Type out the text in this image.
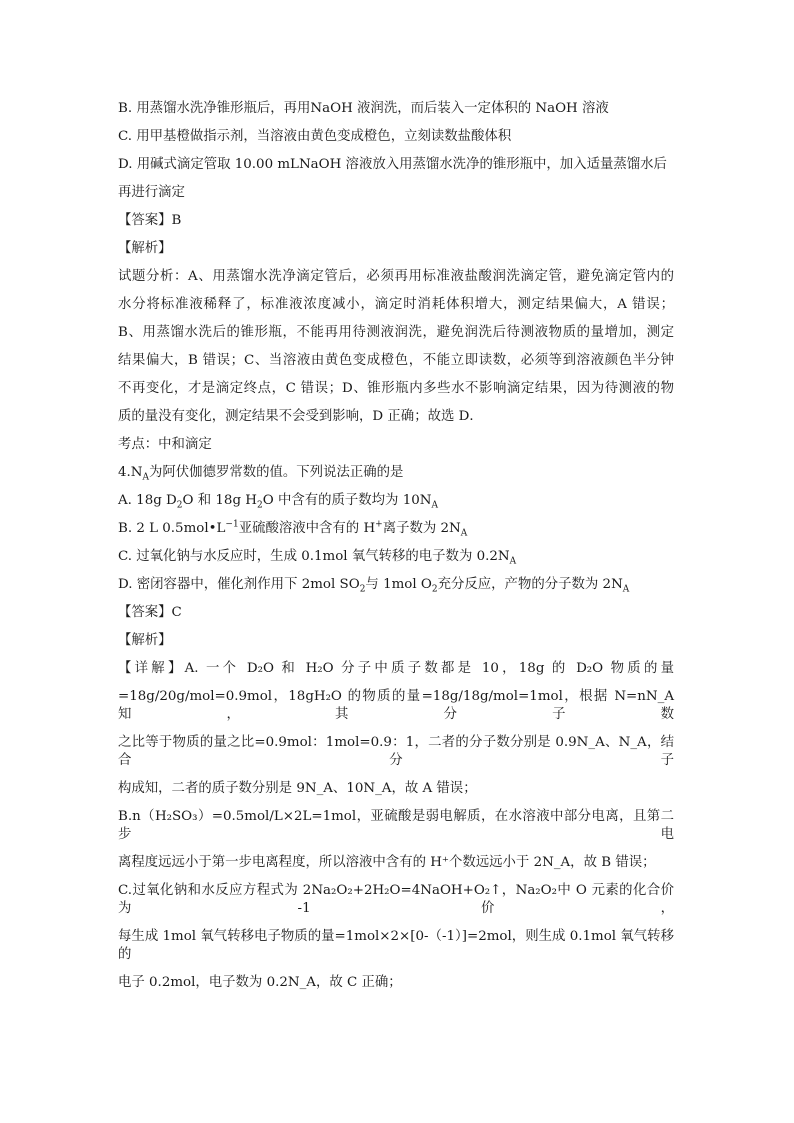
B. 用蒸馏水洗净锥形瓶后，再用NaOH 液润洗，而后装入一定体积的 NaOH 溶液

C. 用甲基橙做指示剂，当溶液由黄色变成橙色，立刻读数盐酸体积

D. 用碱式滴定管取 10.00 mLNaOH 溶液放入用蒸馏水洗净的锥形瓶中，加入适量蒸馏水后

再进行滴定

【答案】B

【解析】

试题分析：A、用蒸馏水洗净滴定管后，必须再用标准液盐酸润洗滴定管，避免滴定管内的

水分将标准液稀释了，标准液浓度减小，滴定时消耗体积增大，测定结果偏大，A 错误；

B、用蒸馏水洗后的锥形瓶，不能再用待测液润洗，避免润洗后待测液物质的量增加，测定

结果偏大，B 错误；C、当溶液由黄色变成橙色，不能立即读数，必须等到溶液颜色半分钟

不再变化，才是滴定终点，C 错误；D、锥形瓶内多些水不影响滴定结果，因为待测液的物

质的量没有变化，测定结果不会受到影响，D 正确；故选 D．

考点：中和滴定

$4.N_A$为阿伏伽德罗常数的值。下列说法正确的是

A. 18g $D_2O$ 和 18g $H_2O$ 中含有的质子数均为 $10N_A$

B. 2 L $0.5mol•L^{-1}$亚硫酸溶液中含有的 H+离子数为 $2N_A$

C. 过氧化钠与水反应时，生成 0.1mol 氧气转移的电子数为 $0.2N_A$

D. 密闭容器中，催化剂作用下 2mol $SO_2$与 1mol $O_2$充分反应，产物的分子数为 $2N_A$

【答案】C

【解析】

【详解】A. 一个 D₂O 和 H₂O 分子中质子数都是 10，18g 的 D₂O 物质的量

=18g/20g/mol=0.9mol，18gH₂O 的物质的量=18g/18g/mol=1mol，根据 N=nN_A 知，其分子数

之比等于物质的量之比=0.9mol：1mol=0.9：1，二者的分子数分别是 0.9N_A、N_A，结合分子

构成知，二者的质子数分别是 9N_A、10N_A，故 A 错误；

B.n（H₂SO₃）=0.5mol/L×2L=1mol，亚硫酸是弱电解质，在水溶液中部分电离，且第二步电

离程度远远小于第一步电离程度，所以溶液中含有的 H⁺个数远远小于 2N_A，故 B 错误；

C.过氧化钠和水反应方程式为 2Na₂O₂+2H₂O=4NaOH+O₂↑，Na₂O₂中 O 元素的化合价为-1 价，

每生成 1mol 氧气转移电子物质的量=1mol×2×[0-（-1）]=2mol，则生成 0.1mol 氧气转移的

电子 0.2mol，电子数为 0.2N_A，故 C 正确；
